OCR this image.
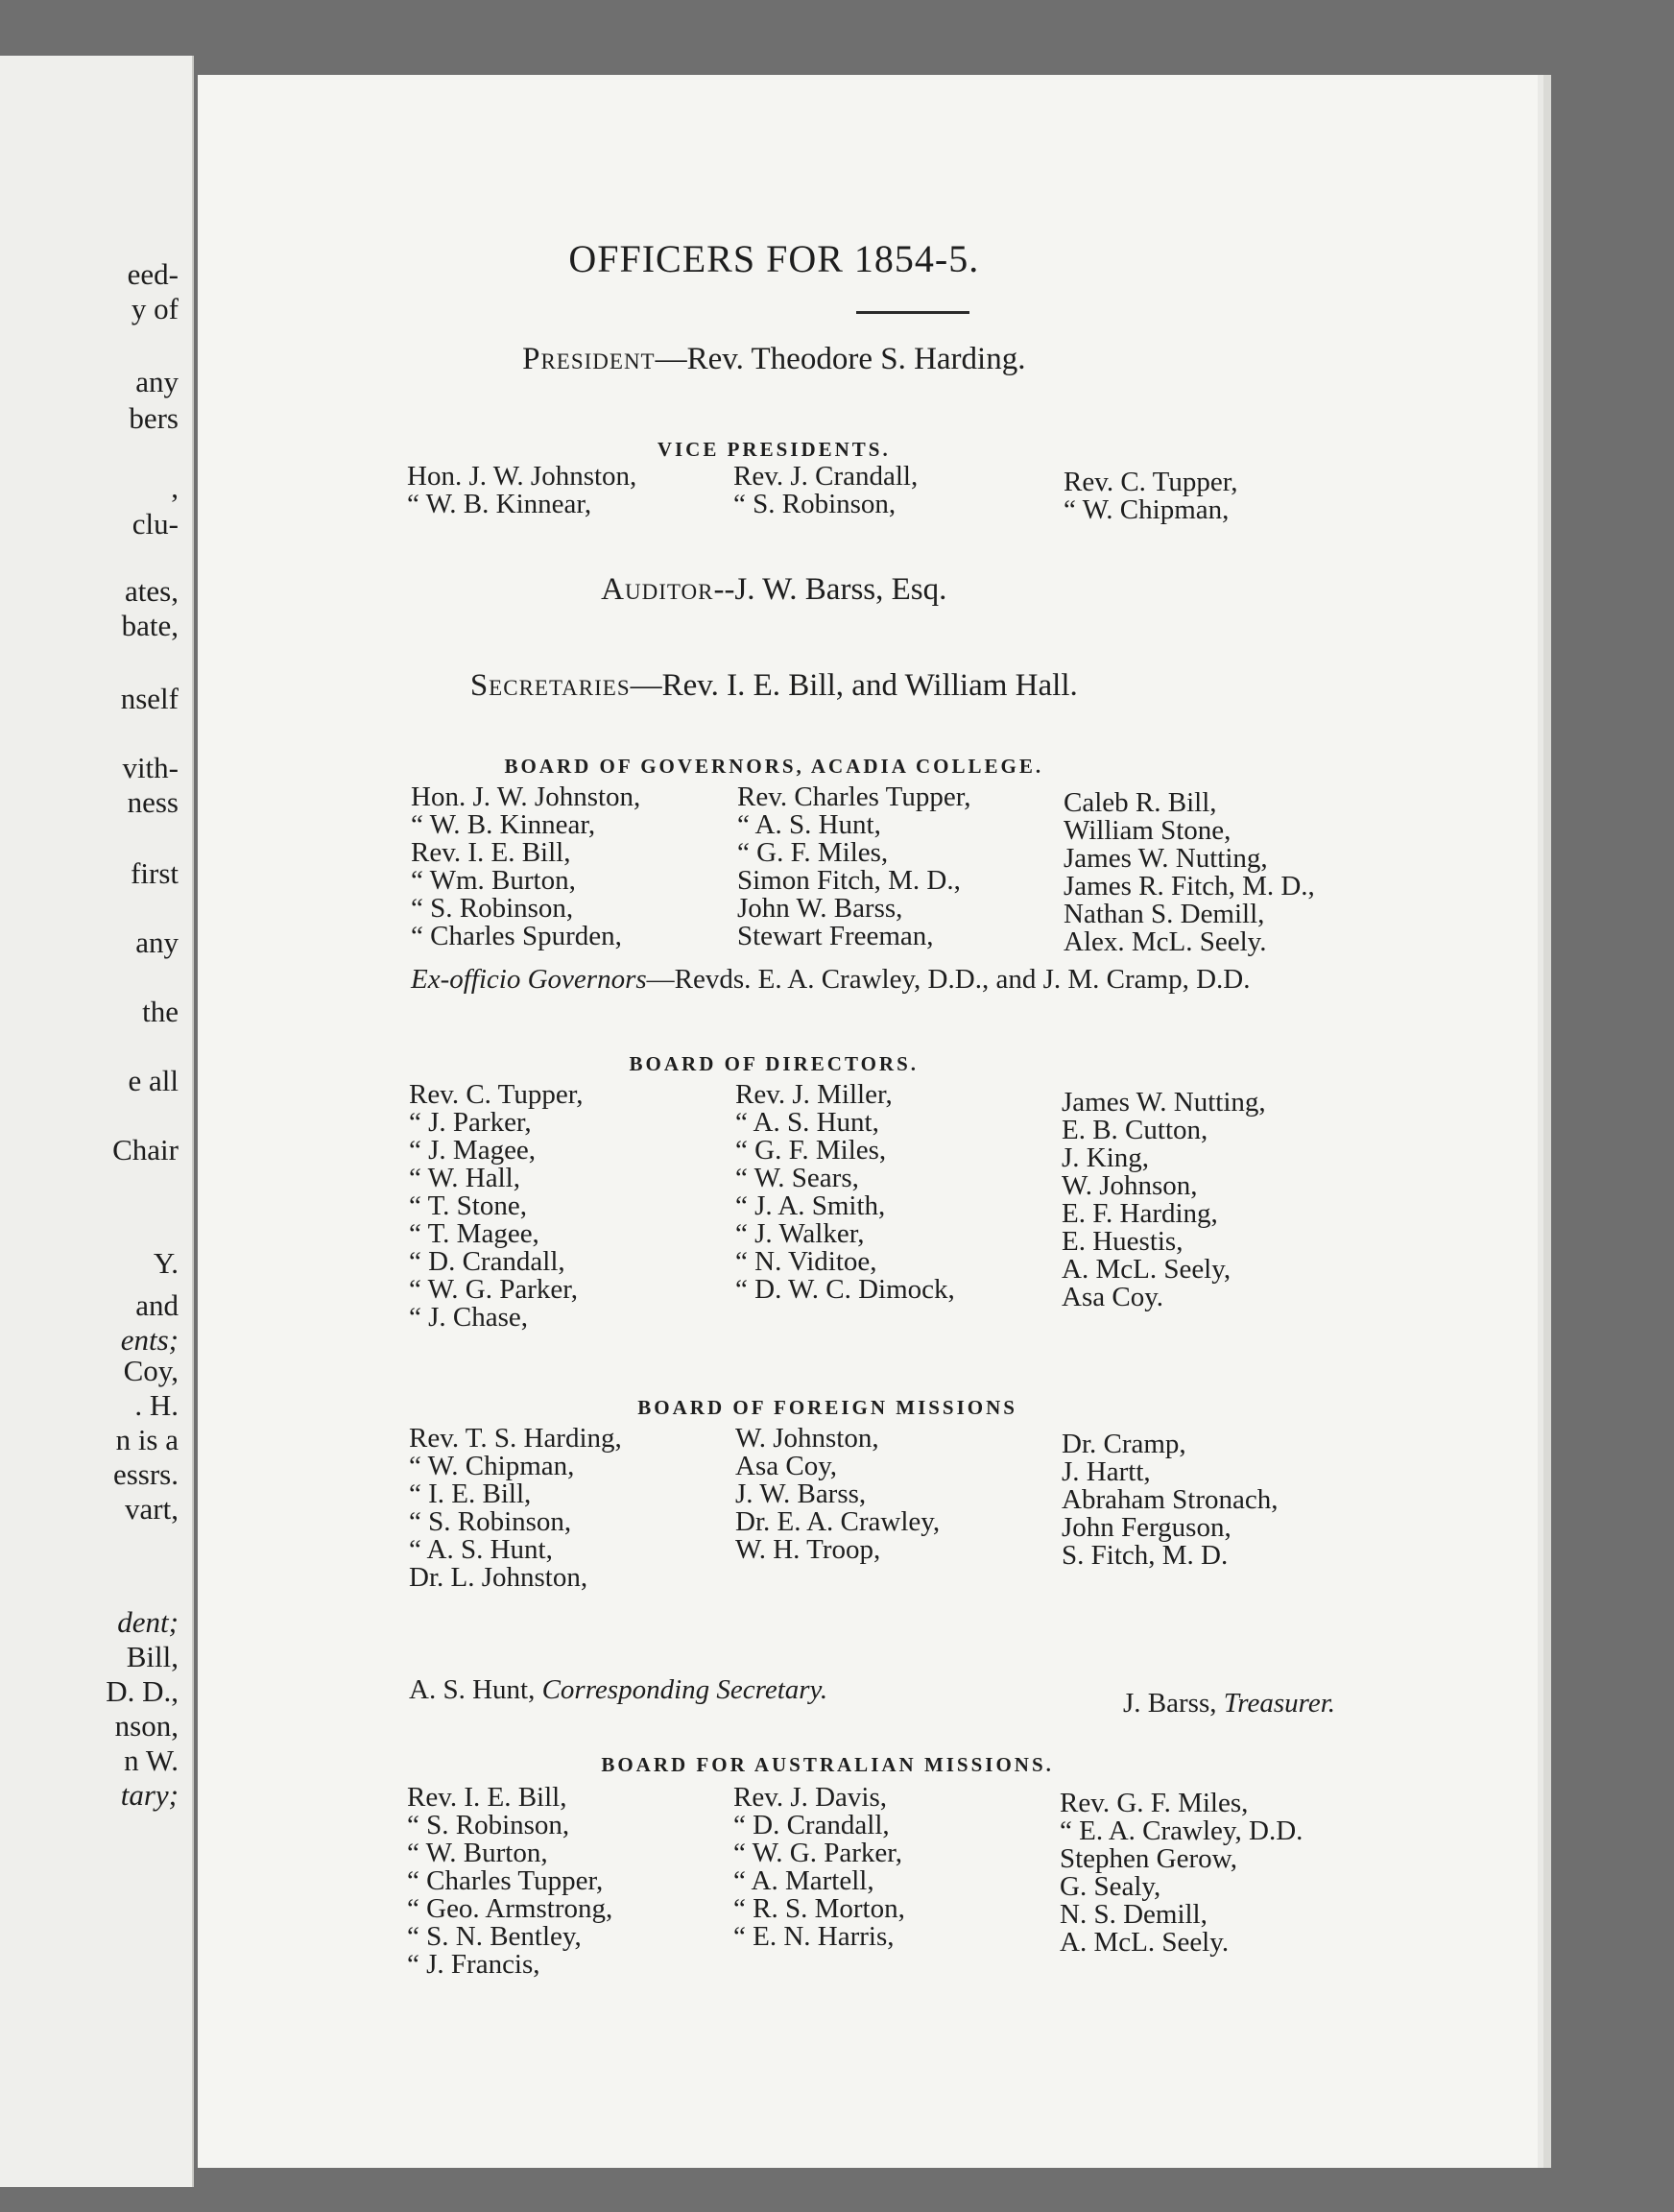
eed-
y of
any
bers
,
clu-
ates,
bate,
nself
vith-
ness
first
any
the
e all
Chair
Y.
and
ents;
Coy,
. H.
n is a
essrs.
vart,
dent;
Bill,
D. D.,
nson,
n W.
tary;
OFFICERS FOR 1854-5.
President—Rev. Theodore S. Harding.
VICE PRESIDENTS.
Hon. J. W. Johnston,
“ W. B. Kinnear,
Rev. J. Crandall,
“ S. Robinson,
Rev. C. Tupper,
“ W. Chipman,
Auditor--J. W. Barss, Esq.
Secretaries—Rev. I. E. Bill, and William Hall.
BOARD OF GOVERNORS, ACADIA COLLEGE.
Hon. J. W. Johnston,
“ W. B. Kinnear,
Rev. I. E. Bill,
“ Wm. Burton,
“ S. Robinson,
“ Charles Spurden,
Rev. Charles Tupper,
“ A. S. Hunt,
“ G. F. Miles,
Simon Fitch, M. D.,
John W. Barss,
Stewart Freeman,
Caleb R. Bill,
William Stone,
James W. Nutting,
James R. Fitch, M. D.,
Nathan S. Demill,
Alex. McL. Seely.
Ex-officio Governors—Revds. E. A. Crawley, D.D., and J. M. Cramp, D.D.
BOARD OF DIRECTORS.
Rev. C. Tupper,
“ J. Parker,
“ J. Magee,
“ W. Hall,
“ T. Stone,
“ T. Magee,
“ D. Crandall,
“ W. G. Parker,
“ J. Chase,
Rev. J. Miller,
“ A. S. Hunt,
“ G. F. Miles,
“ W. Sears,
“ J. A. Smith,
“ J. Walker,
“ N. Viditoe,
“ D. W. C. Dimock,
James W. Nutting,
E. B. Cutton,
J. King,
W. Johnson,
E. F. Harding,
E. Huestis,
A. McL. Seely,
Asa Coy.
BOARD OF FOREIGN MISSIONS
Rev. T. S. Harding,
“ W. Chipman,
“ I. E. Bill,
“ S. Robinson,
“ A. S. Hunt,
Dr. L. Johnston,
W. Johnston,
Asa Coy,
J. W. Barss,
Dr. E. A. Crawley,
W. H. Troop,
Dr. Cramp,
J. Hartt,
Abraham Stronach,
John Ferguson,
S. Fitch, M. D.
A. S. Hunt, Corresponding Secretary.	J. Barss, Treasurer.
BOARD FOR AUSTRALIAN MISSIONS.
Rev. I. E. Bill,
“ S. Robinson,
“ W. Burton,
“ Charles Tupper,
“ Geo. Armstrong,
“ S. N. Bentley,
“ J. Francis,
Rev. J. Davis,
“ D. Crandall,
“ W. G. Parker,
“ A. Martell,
“ R. S. Morton,
“ E. N. Harris,
Rev. G. F. Miles,
“ E. A. Crawley, D.D.
Stephen Gerow,
G. Sealy,
N. S. Demill,
A. McL. Seely.
